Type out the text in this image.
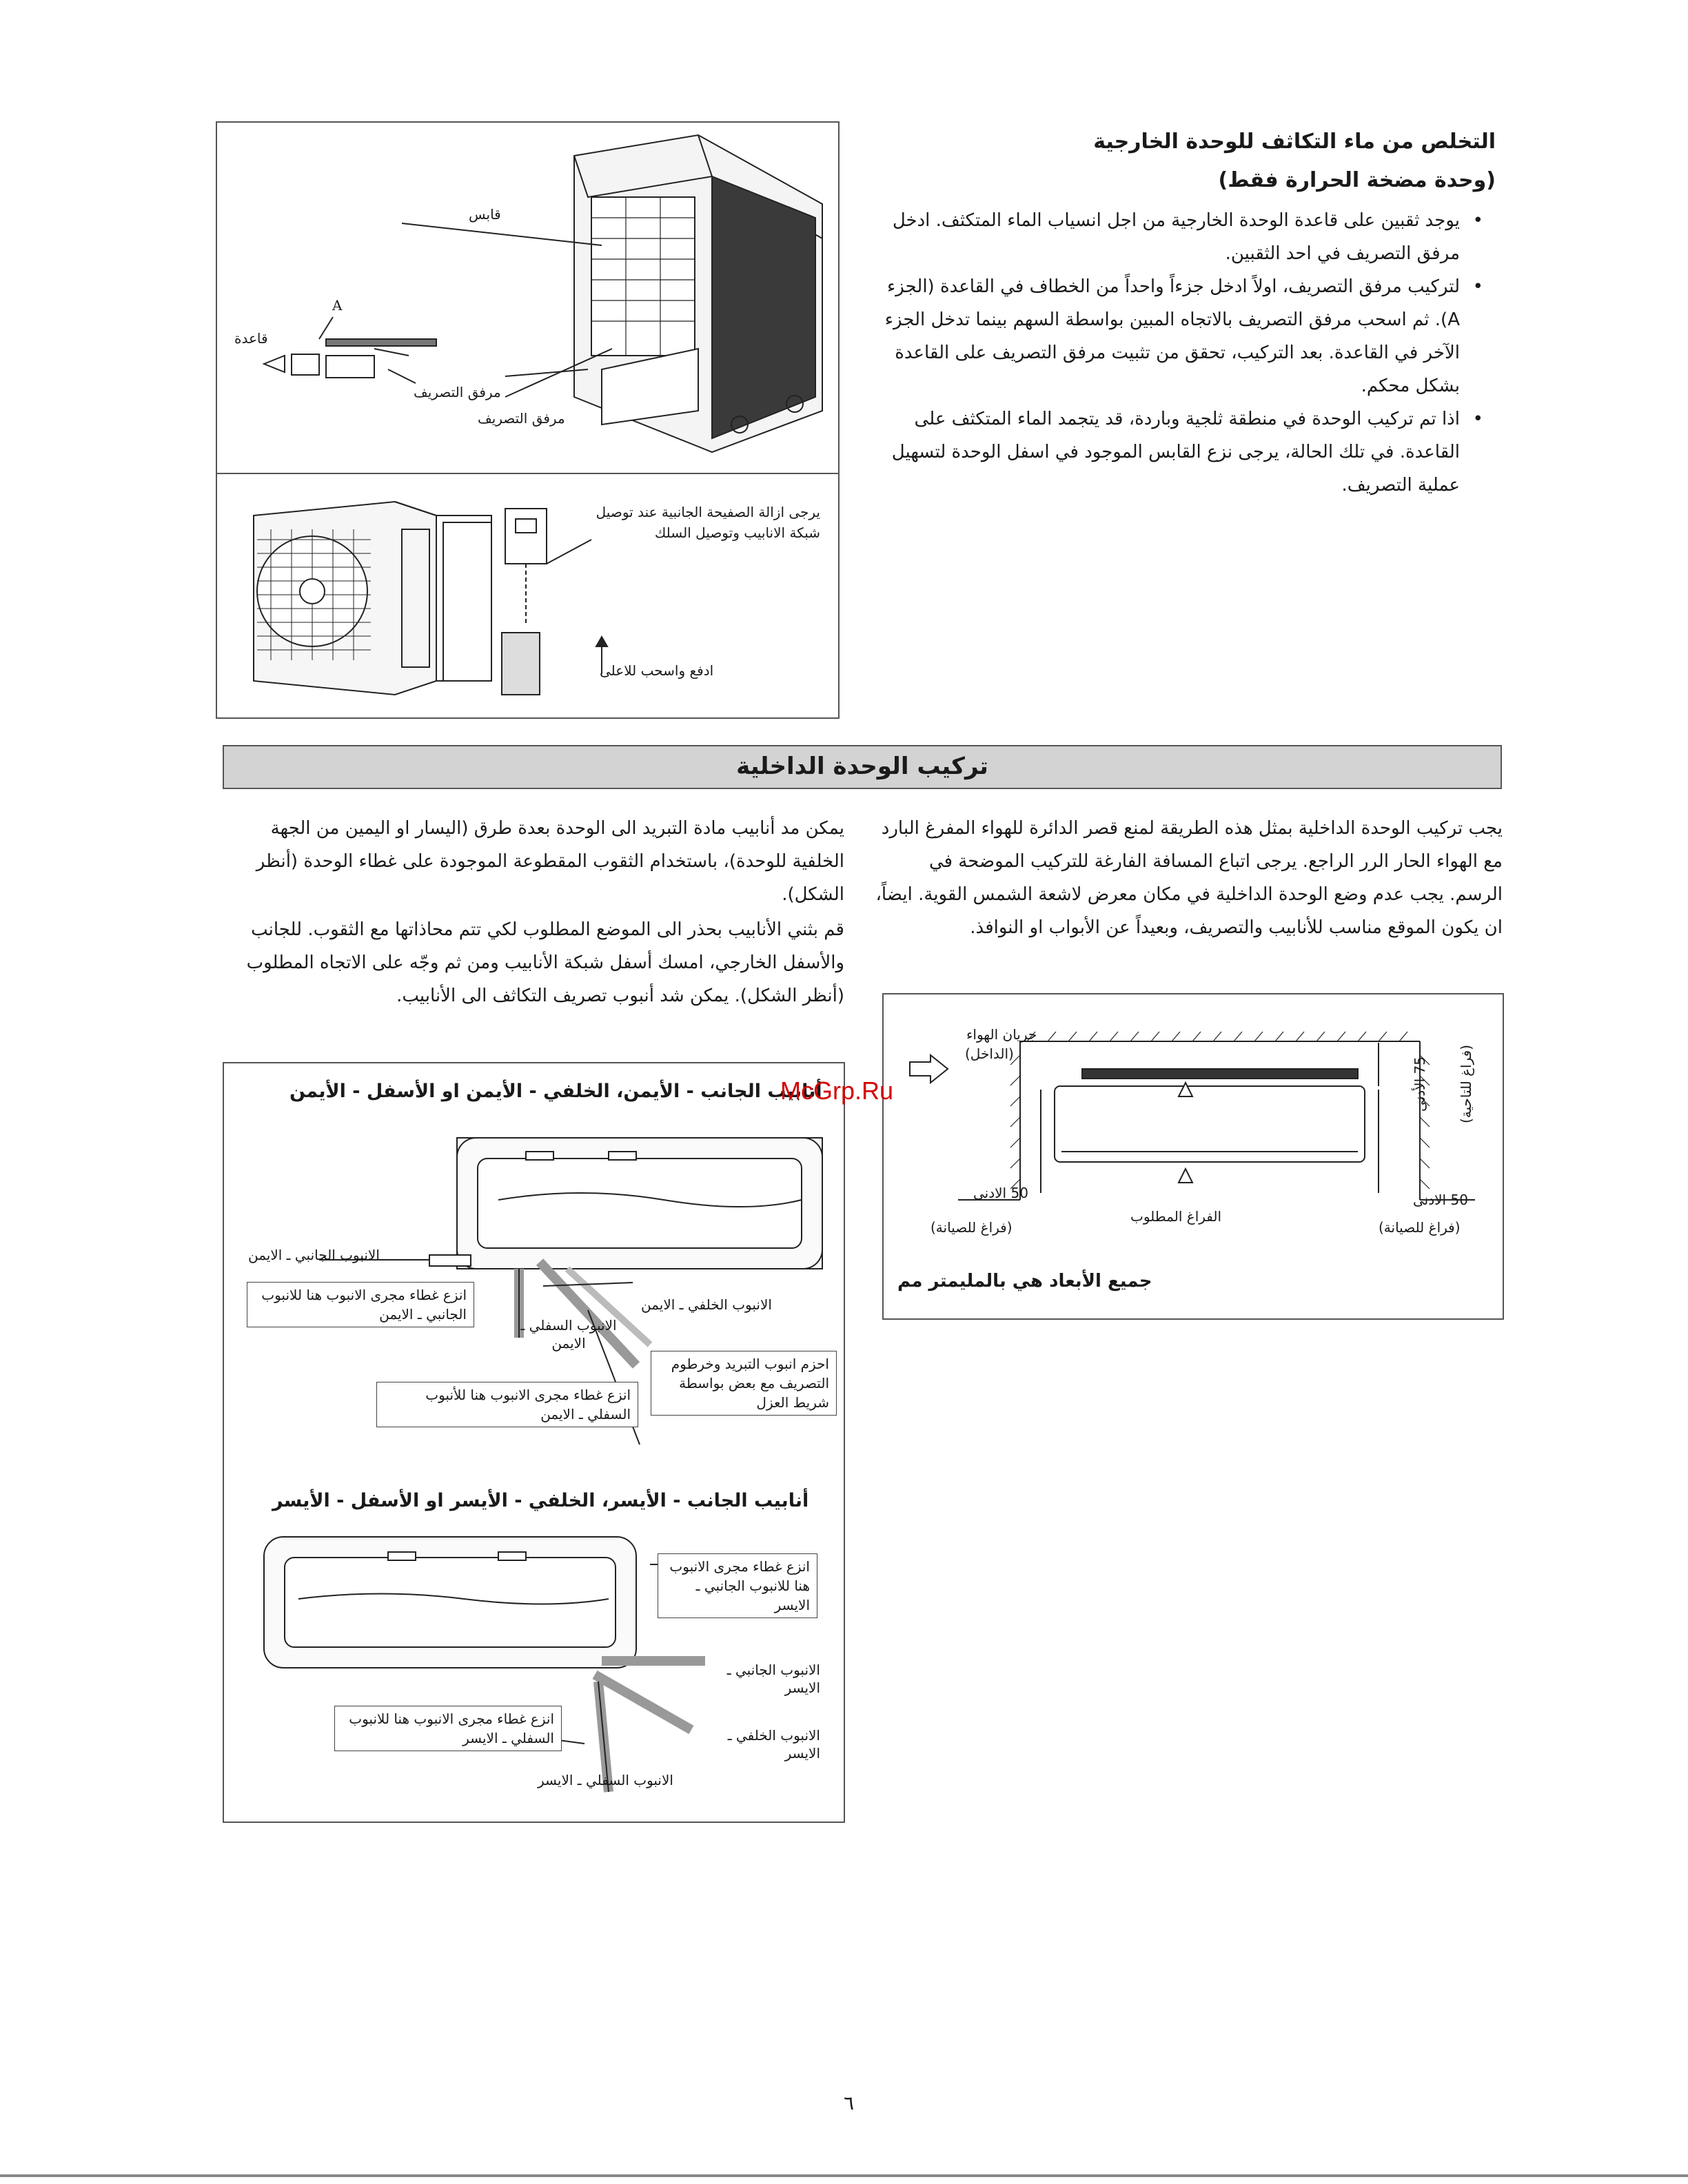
التخلص من ماء التكاثف للوحدة الخارجية
(وحدة مضخة الحرارة فقط)
• يوجد ثقبين على قاعدة الوحدة الخارجية من اجل انسياب الماء المتكثف. ادخل مرفق التصريف في احد الثقبين.
• لتركيب مرفق التصريف، اولاً ادخل جزءاً واحداً من الخطاف في القاعدة (الجزء A). ثم اسحب مرفق التصريف بالاتجاه المبين بواسطة السهم بينما تدخل الجزء الآخر في القاعدة. بعد التركيب، تحقق من تثبيت مرفق التصريف على القاعدة بشكل محكم.
• اذا تم تركيب الوحدة في منطقة ثلجية وباردة، قد يتجمد الماء المتكثف على القاعدة. في تلك الحالة، يرجى نزع القابس الموجود في اسفل الوحدة لتسهيل عملية التصريف.
قابس
A
قاعدة
مرفق التصريف
مرفق التصريف
يرجى ازالة الصفيحة الجانبية عند توصيل شبكة الانابيب وتوصيل السلك
ادفع واسحب للاعلى
تركيب الوحدة الداخلية
يجب تركيب الوحدة الداخلية بمثل هذه الطريقة لمنع قصر الدائرة للهواء المفرغ البارد مع الهواء الحار الرر الراجع. يرجى اتباع المسافة الفارغة للتركيب الموضحة في الرسم. يجب عدم وضع الوحدة الداخلية في مكان معرض لاشعة الشمس القوية. ايضاً، ان يكون الموقع مناسب للأنابيب والتصريف، وبعيداً عن الأبواب او النوافذ.
يمكن مد أنابيب مادة التبريد الى الوحدة بعدة طرق (اليسار او اليمين من الجهة الخلفية للوحدة)، باستخدام الثقوب المقطوعة الموجودة على غطاء الوحدة (أنظر الشكل).
قم بثني الأنابيب بحذر الى الموضع المطلوب لكي تتم محاذاتها مع الثقوب. للجانب والأسفل الخارجي، امسك أسفل شبكة الأنابيب ومن ثم وجّه على الاتجاه المطلوب (أنظر الشكل). يمكن شد أنبوب تصريف التكاثف الى الأنابيب.
جريان الهواء
(الداخل)
75 الأدنى (فراغ للتاحية)
50 الادنى
(فراغ للصيانة)
الفراغ المطلوب
50 الادنى
(فراغ للصيانة)
جميع الأبعاد هي بالمليمتر مم
أنابيب الجانب - الأيمن، الخلفي - الأيمن او الأسفل - الأيمن
الانبوب الجانبي ـ الايمن
انزع غطاء مجرى الانبوب هنا للانبوب الجانبي ـ الايمن
الانبوب الخلفي ـ الايمن
الانبوب السفلي ـ الايمن
انزع غطاء مجرى الانبوب هنا للأنبوب السفلي ـ الايمن
احزم انبوب التبريد وخرطوم التصريف مع بعض بواسطة شريط العزل
أنابيب الجانب - الأيسر، الخلفي - الأيسر او الأسفل - الأيسر
انزع غطاء مجرى الانبوب هنا للانبوب الجانبي ـ الايسر
الانبوب الجانبي ـ الايسر
الانبوب الخلفي ـ الايسر
انزع غطاء مجرى الانبوب هنا للانبوب السفلي ـ الايسر
الانبوب السفلي ـ الايسر
McGrp.Ru
٦
